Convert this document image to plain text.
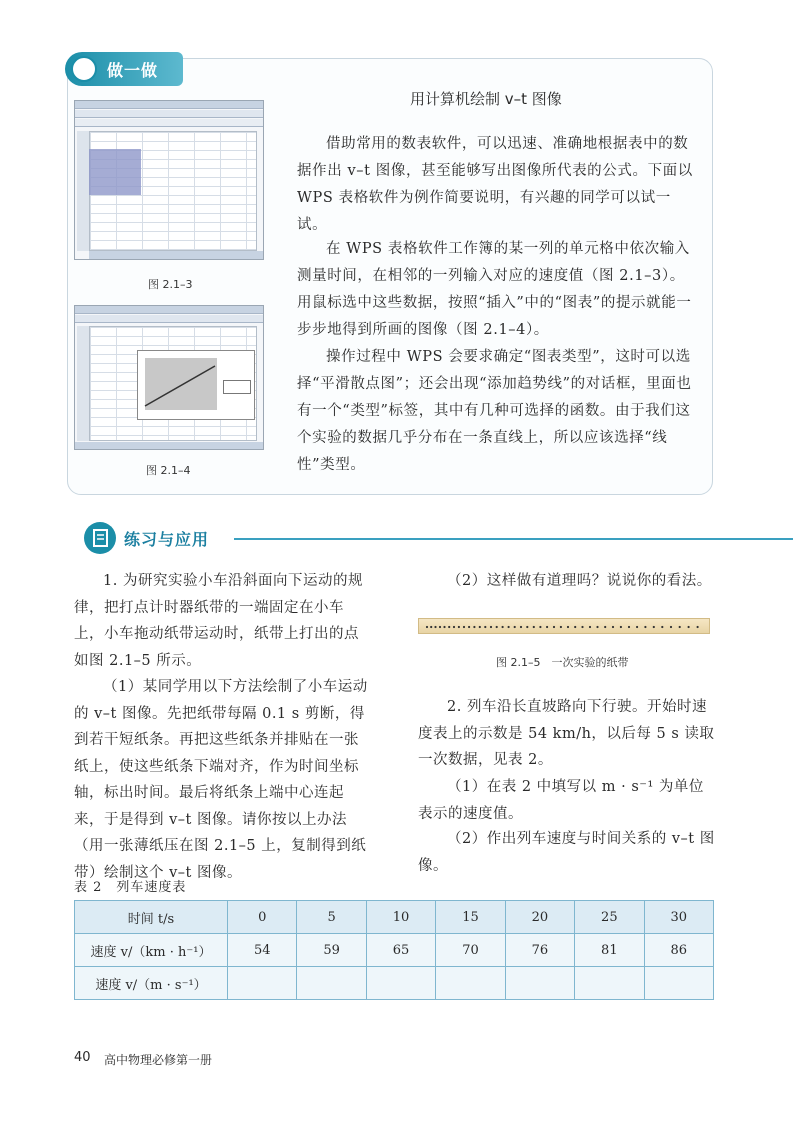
做一做
用计算机绘制 v–t 图像
借助常用的数表软件，可以迅速、准确地根据表中的数据作出 v–t 图像，甚至能够写出图像所代表的公式。下面以 WPS 表格软件为例作简要说明，有兴趣的同学可以试一试。
在 WPS 表格软件工作簿的某一列的单元格中依次输入测量时间，在相邻的一列输入对应的速度值（图 2.1–3）。用鼠标选中这些数据，按照“插入”中的“图表”的提示就能一步步地得到所画的图像（图 2.1–4）。
操作过程中 WPS 会要求确定“图表类型”，这时可以选择“平滑散点图”；还会出现“添加趋势线”的对话框，里面也有一个“类型”标签，其中有几种可选择的函数。由于我们这个实验的数据几乎分布在一条直线上，所以应该选择“线性”类型。
图 2.1–3
图 2.1–4
练习与应用
1. 为研究实验小车沿斜面向下运动的规律，把打点计时器纸带的一端固定在小车上，小车拖动纸带运动时，纸带上打出的点如图 2.1–5 所示。
（1）某同学用以下方法绘制了小车运动的 v–t 图像。先把纸带每隔 0.1 s 剪断，得到若干短纸条。再把这些纸条并排贴在一张纸上，使这些纸条下端对齐，作为时间坐标轴，标出时间。最后将纸条上端中心连起来，于是得到 v–t 图像。请你按以上办法（用一张薄纸压在图 2.1–5 上，复制得到纸带）绘制这个 v–t 图像。
（2）这样做有道理吗？说说你的看法。
图 2.1–5　一次实验的纸带
2. 列车沿长直坡路向下行驶。开始时速度表上的示数是 54 km/h，以后每 5 s 读取一次数据，见表 2。
（1）在表 2 中填写以 m · s⁻¹ 为单位表示的速度值。
（2）作出列车速度与时间关系的 v–t 图像。
表 2　列车速度表
时间 t/s	0	5	10	15	20	25	30
速度 v/（km · h⁻¹）	54	59	65	70	76	81	86
速度 v/（m · s⁻¹）							
40 高中物理必修第一册
